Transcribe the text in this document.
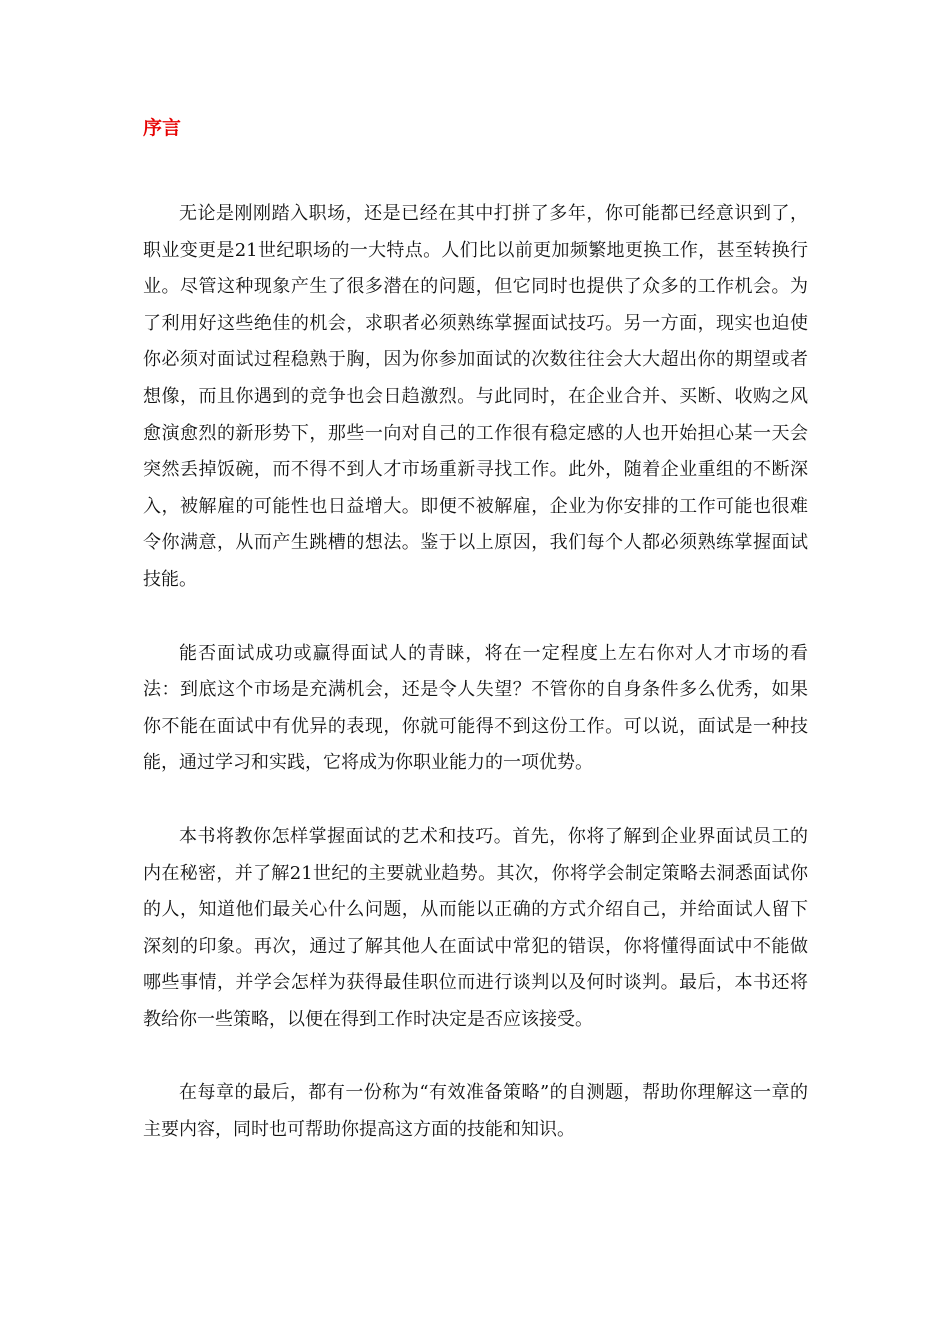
序言

无论是刚刚踏入职场，还是已经在其中打拼了多年，你可能都已经意识到了，职业变更是21世纪职场的一大特点。人们比以前更加频繁地更换工作，甚至转换行业。尽管这种现象产生了很多潜在的问题，但它同时也提供了众多的工作机会。为了利用好这些绝佳的机会，求职者必须熟练掌握面试技巧。另一方面，现实也迫使你必须对面试过程稳熟于胸，因为你参加面试的次数往往会大大超出你的期望或者想像，而且你遇到的竞争也会日趋激烈。与此同时，在企业合并、买断、收购之风愈演愈烈的新形势下，那些一向对自己的工作很有稳定感的人也开始担心某一天会突然丢掉饭碗，而不得不到人才市场重新寻找工作。此外，随着企业重组的不断深入，被解雇的可能性也日益增大。即便不被解雇，企业为你安排的工作可能也很难令你满意，从而产生跳槽的想法。鉴于以上原因，我们每个人都必须熟练掌握面试技能。

能否面试成功或赢得面试人的青睐，将在一定程度上左右你对人才市场的看法：到底这个市场是充满机会，还是令人失望？不管你的自身条件多么优秀，如果你不能在面试中有优异的表现，你就可能得不到这份工作。可以说，面试是一种技能，通过学习和实践，它将成为你职业能力的一项优势。

本书将教你怎样掌握面试的艺术和技巧。首先，你将了解到企业界面试员工的内在秘密，并了解21世纪的主要就业趋势。其次，你将学会制定策略去洞悉面试你的人，知道他们最关心什么问题，从而能以正确的方式介绍自己，并给面试人留下深刻的印象。再次，通过了解其他人在面试中常犯的错误，你将懂得面试中不能做哪些事情，并学会怎样为获得最佳职位而进行谈判以及何时谈判。最后，本书还将教给你一些策略，以便在得到工作时决定是否应该接受。

在每章的最后，都有一份称为“有效准备策略”的自测题，帮助你理解这一章的主要内容，同时也可帮助你提高这方面的技能和知识。
